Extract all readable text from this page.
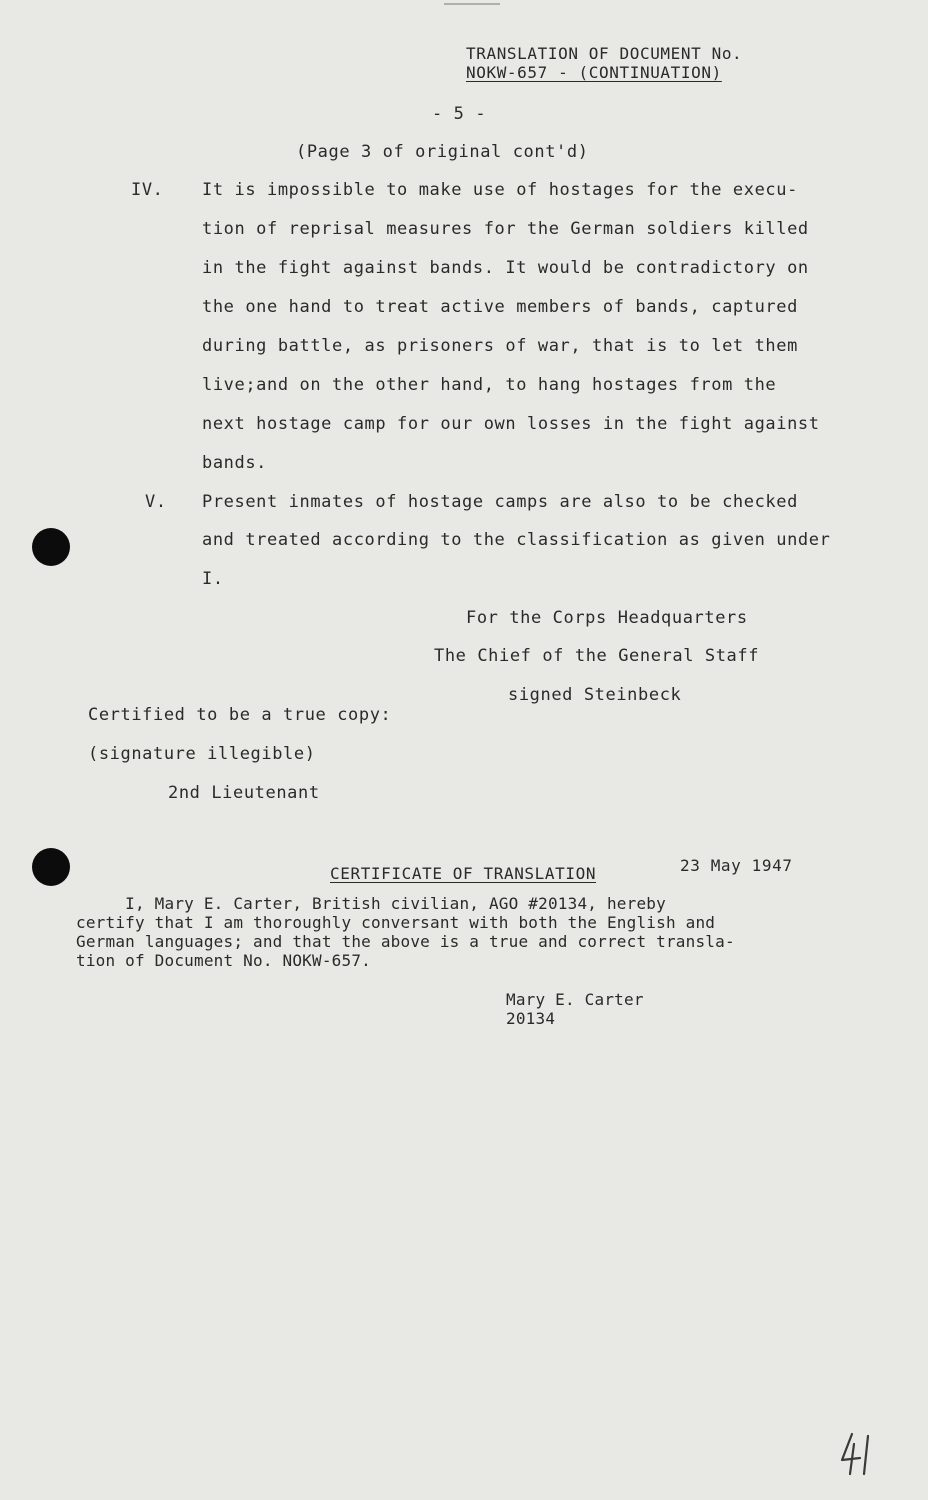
TRANSLATION OF DOCUMENT No.
NOKW-657 - (CONTINUATION)
- 5 -
(Page 3 of original cont'd)
IV. It is impossible to make use of hostages for the execu-
tion of reprisal measures for the German soldiers killed
in the fight against bands. It would be contradictory on
the one hand to treat active members of bands, captured
during battle, as prisoners of war, that is to let them
live;and on the other hand, to hang hostages from the
next hostage camp for our own losses in the fight against
bands.
V. Present inmates of hostage camps are also to be checked
and treated according to the classification as given under
I.
For the Corps Headquarters
The Chief of the General Staff
signed Steinbeck
Certified to be a true copy:
(signature illegible)
2nd Lieutenant
CERTIFICATE OF TRANSLATION	23 May 1947
I, Mary E. Carter, British civilian, AGO #20134, hereby
certify that I am thoroughly conversant with both the English and
German languages; and that the above is a true and correct transla-
tion of Document No. NOKW-657.
Mary E. Carter
20134
